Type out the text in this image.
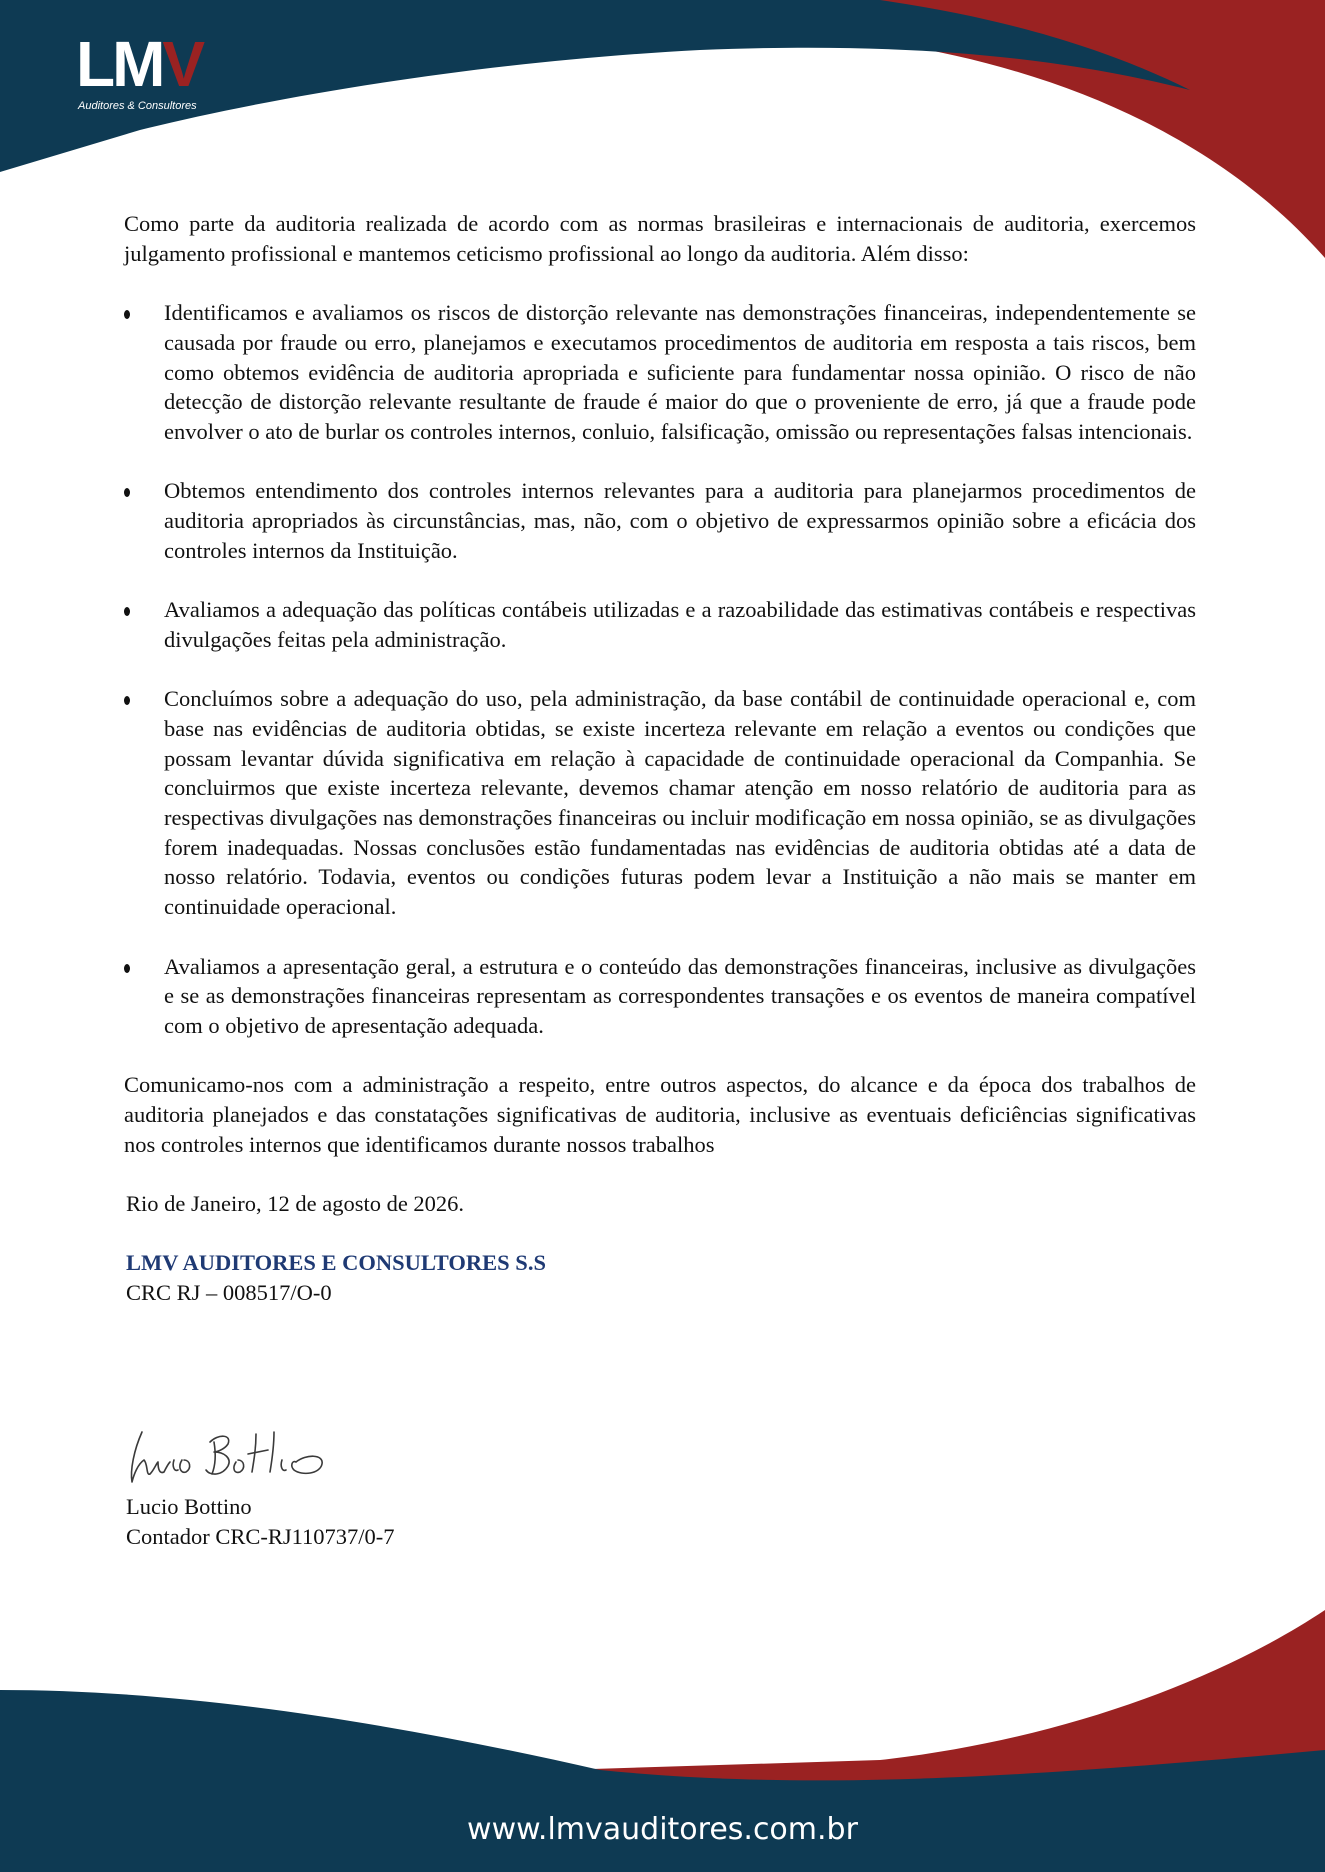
LMV
Auditores & Consultores

Como parte da auditoria realizada de acordo com as normas brasileiras e internacionais de auditoria, exercemos julgamento profissional e mantemos ceticismo profissional ao longo da auditoria. Além disso:

Identificamos e avaliamos os riscos de distorção relevante nas demonstrações financeiras, independentemente se causada por fraude ou erro, planejamos e executamos procedimentos de auditoria em resposta a tais riscos, bem como obtemos evidência de auditoria apropriada e suficiente para fundamentar nossa opinião. O risco de não detecção de distorção relevante resultante de fraude é maior do que o proveniente de erro, já que a fraude pode envolver o ato de burlar os controles internos, conluio, falsificação, omissão ou representações falsas intencionais.
Obtemos entendimento dos controles internos relevantes para a auditoria para planejarmos procedimentos de auditoria apropriados às circunstâncias, mas, não, com o objetivo de expressarmos opinião sobre a eficácia dos controles internos da Instituição.
Avaliamos a adequação das políticas contábeis utilizadas e a razoabilidade das estimativas contábeis e respectivas divulgações feitas pela administração.
Concluímos sobre a adequação do uso, pela administração, da base contábil de continuidade operacional e, com base nas evidências de auditoria obtidas, se existe incerteza relevante em relação a eventos ou condições que possam levantar dúvida significativa em relação à capacidade de continuidade operacional da Companhia. Se concluirmos que existe incerteza relevante, devemos chamar atenção em nosso relatório de auditoria para as respectivas divulgações nas demonstrações financeiras ou incluir modificação em nossa opinião, se as divulgações forem inadequadas. Nossas conclusões estão fundamentadas nas evidências de auditoria obtidas até a data de nosso relatório. Todavia, eventos ou condições futuras podem levar a Instituição a não mais se manter em continuidade operacional.
Avaliamos a apresentação geral, a estrutura e o conteúdo das demonstrações financeiras, inclusive as divulgações e se as demonstrações financeiras representam as correspondentes transações e os eventos de maneira compatível com o objetivo de apresentação adequada.

Comunicamo-nos com a administração a respeito, entre outros aspectos, do alcance e da época dos trabalhos de auditoria planejados e das constatações significativas de auditoria, inclusive as eventuais deficiências significativas nos controles internos que identificamos durante nossos trabalhos

Rio de Janeiro, 12 de agosto de 2026.

LMV AUDITORES E CONSULTORES S.S

CRC RJ – 008517/O-0

Lucio Bottino
Contador CRC-RJ110737/0-7
www.lmvauditores.com.br
